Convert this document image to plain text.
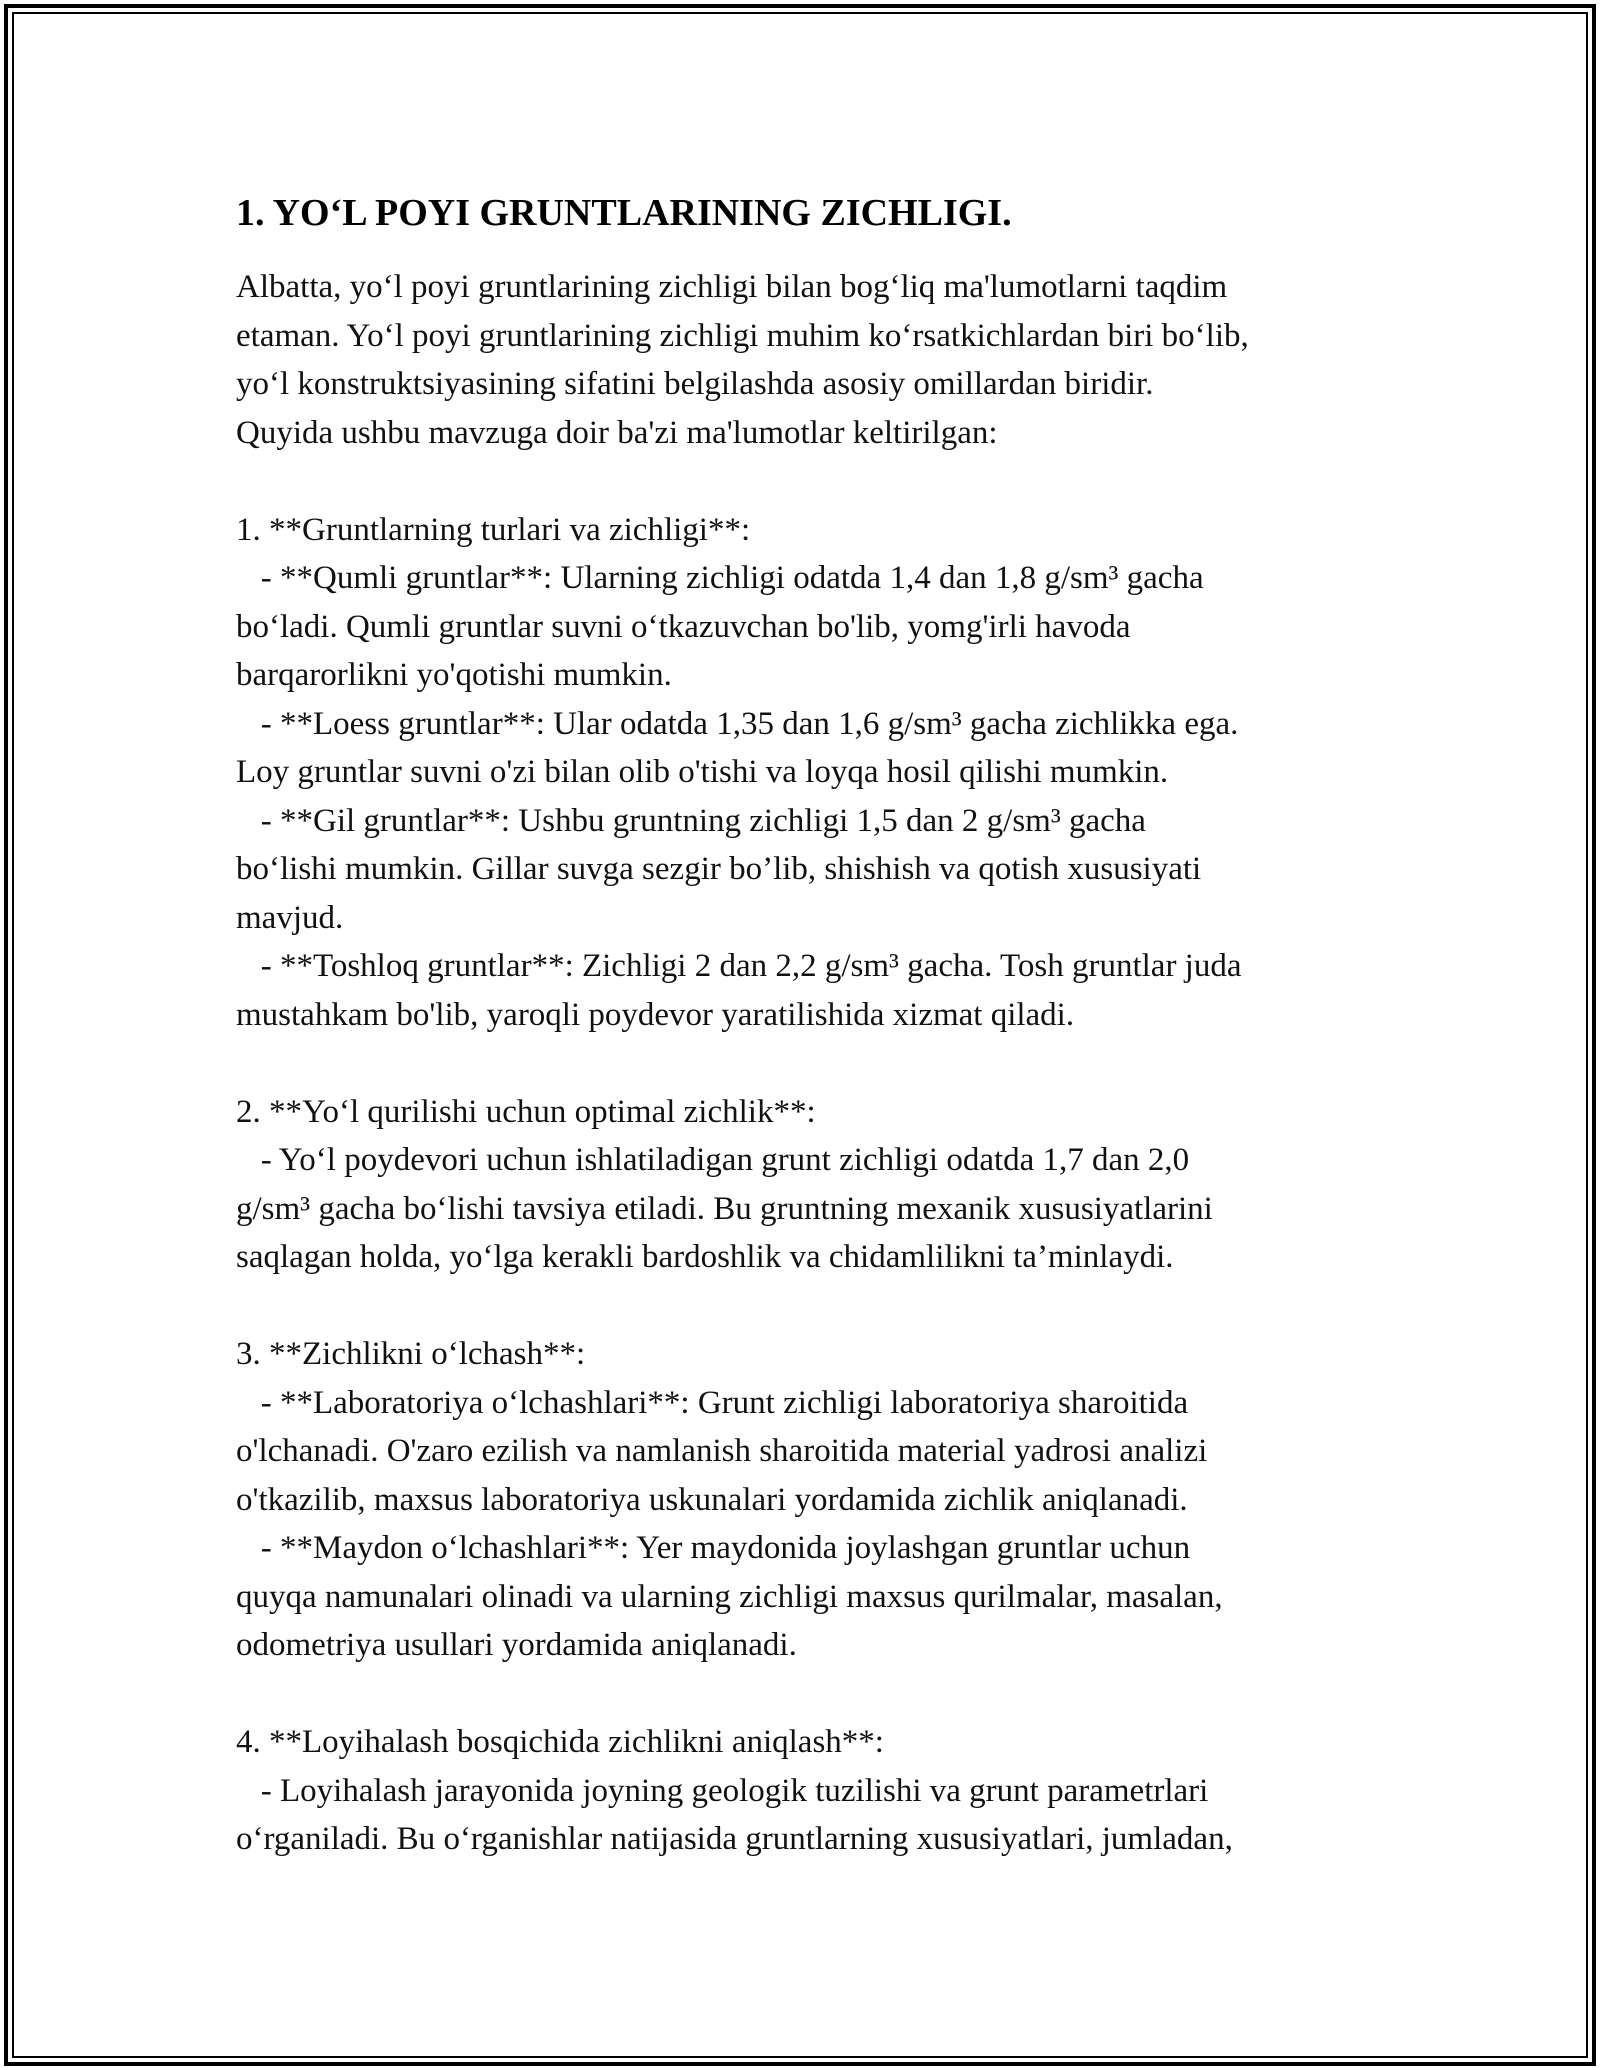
1. YO‘L POYI GRUNTLARINING ZICHLIGI.
Albatta, yo‘l poyi gruntlarining zichligi bilan bog‘liq ma'lumotlarni taqdim
etaman. Yo‘l poyi gruntlarining zichligi muhim ko‘rsatkichlardan biri bo‘lib,
yo‘l konstruktsiyasining sifatini belgilashda asosiy omillardan biridir.
Quyida ushbu mavzuga doir ba'zi ma'lumotlar keltirilgan:
1. **Gruntlarning turlari va zichligi**:
- **Qumli gruntlar**: Ularning zichligi odatda 1,4 dan 1,8 g/sm³ gacha
bo‘ladi. Qumli gruntlar suvni o‘tkazuvchan bo'lib, yomg'irli havoda
barqarorlikni yo'qotishi mumkin.
- **Loess gruntlar**: Ular odatda 1,35 dan 1,6 g/sm³ gacha zichlikka ega.
Loy gruntlar suvni o'zi bilan olib o'tishi va loyqa hosil qilishi mumkin.
- **Gil gruntlar**: Ushbu gruntning zichligi 1,5 dan 2 g/sm³ gacha
bo‘lishi mumkin. Gillar suvga sezgir bo’lib, shishish va qotish xususiyati
mavjud.
- **Toshloq gruntlar**: Zichligi 2 dan 2,2 g/sm³ gacha. Tosh gruntlar juda
mustahkam bo'lib, yaroqli poydevor yaratilishida xizmat qiladi.
2. **Yo‘l qurilishi uchun optimal zichlik**:
- Yo‘l poydevori uchun ishlatiladigan grunt zichligi odatda 1,7 dan 2,0
g/sm³ gacha bo‘lishi tavsiya etiladi. Bu gruntning mexanik xususiyatlarini
saqlagan holda, yo‘lga kerakli bardoshlik va chidamlilikni ta’minlaydi.
3. **Zichlikni o‘lchash**:
- **Laboratoriya o‘lchashlari**: Grunt zichligi laboratoriya sharoitida
o'lchanadi. O'zaro ezilish va namlanish sharoitida material yadrosi analizi
o'tkazilib, maxsus laboratoriya uskunalari yordamida zichlik aniqlanadi.
- **Maydon o‘lchashlari**: Yer maydonida joylashgan gruntlar uchun
quyqa namunalari olinadi va ularning zichligi maxsus qurilmalar, masalan,
odometriya usullari yordamida aniqlanadi.
4. **Loyihalash bosqichida zichlikni aniqlash**:
- Loyihalash jarayonida joyning geologik tuzilishi va grunt parametrlari
o‘rganiladi. Bu o‘rganishlar natijasida gruntlarning xususiyatlari, jumladan,
